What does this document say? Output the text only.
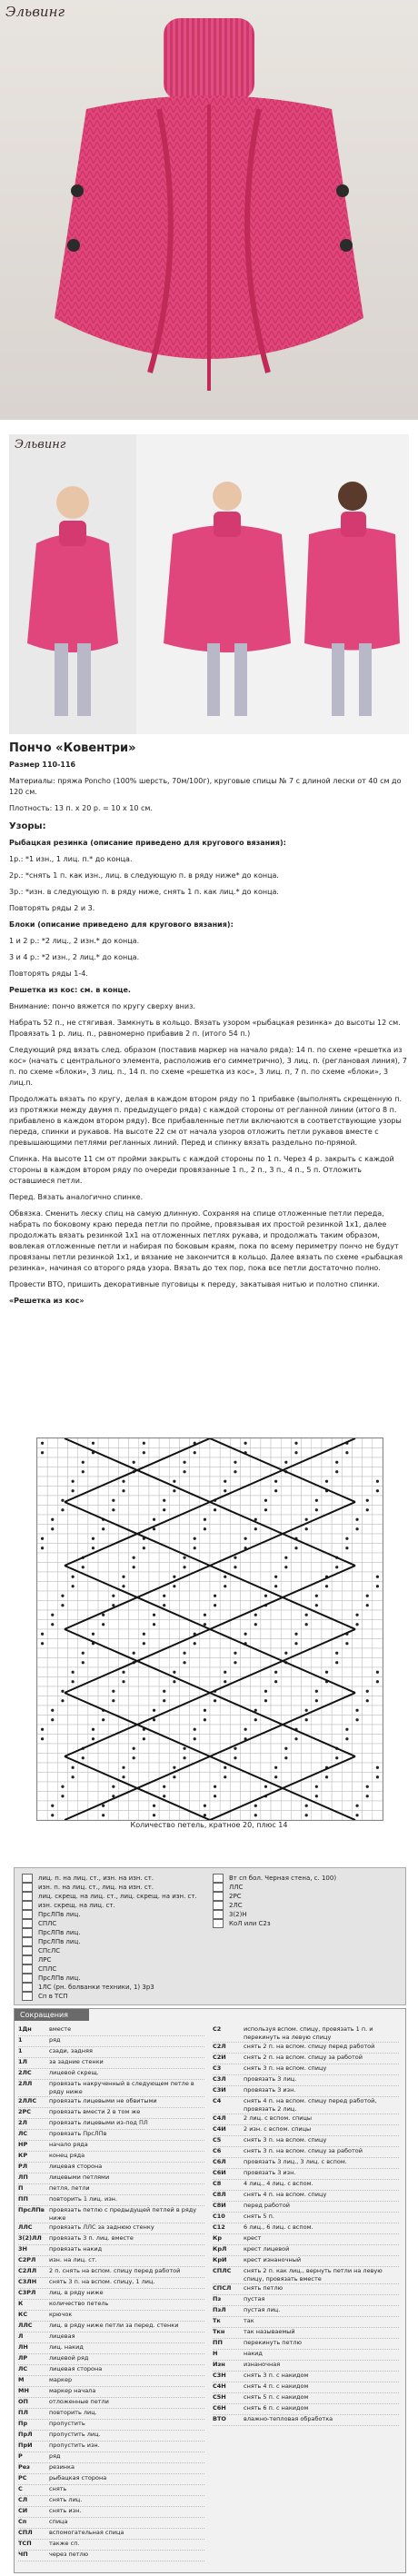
Эльвинг
Эльвинг
Пончо «Ковентри»

Размер 110-116

Материалы: пряжа Poncho (100% шерсть, 70м/100г), круговые спицы № 7 с длиной лески от 40 см до 120 см.

Плотность: 13 п. х 20 р. = 10 х 10 см.

Узоры:

Рыбацкая резинка (описание приведено для кругового вязания):

1р.: *1 изн., 1 лиц. п.* до конца.

2р.: *снять 1 п. как изн., лиц. в следующую п. в ряду ниже* до конца.

3р.: *изн. в следующую п. в ряду ниже, снять 1 п. как лиц.* до конца.

Повторять ряды 2 и 3.

Блоки (описание приведено для кругового вязания):

1 и 2 р.: *2 лиц., 2 изн.* до конца.

3 и 4 р.: *2 изн., 2 лиц.* до конца.

Повторять ряды 1-4.

Решетка из кос: см. в конце.

Внимание: пончо вяжется по кругу сверху вниз.

Набрать 52 п., не стягивая. Замкнуть в кольцо. Вязать узором «рыбацкая резинка» до высоты 12 см. Провязать 1 р. лиц. п., равномерно прибавив 2 п. (итого 54 п.)

Следующий ряд вязать след. образом (поставив маркер на начало ряда): 14 п. по схеме «решетка из кос» (начать с центрального элемента, расположив его симметрично), 3 лиц. п. (реглановая линия), 7 п. по схеме «блоки», 3 лиц. п., 14 п. по схеме «решетка из кос», 3 лиц. п, 7 п. по схеме «блоки», 3 лиц.п.

Продолжать вязать по кругу, делая в каждом втором ряду по 1 прибавке (выполнять скрещенную п. из протяжки между двумя п. предыдущего ряда) с каждой стороны от регланной линии (итого 8 п. прибавлено в каждом втором ряду). Все прибавленные петли включаются в соответствующие узоры переда, спинки и рукавов. На высоте 22 см от начала узоров отложить петли рукавов вместе с превышающими петлями регланных линий. Перед и спинку вязать раздельно по-прямой.

Спинка. На высоте 11 см от пройми закрыть с каждой стороны по 1 п. Через 4 р. закрыть с каждой стороны в каждом втором ряду по очереди провязанные 1 п., 2 п., 3 п., 4 п., 5 п. Отложить оставшиеся петли.

Перед. Вязать аналогично спинке.

Обвязка. Сменить леску спиц на самую длинную. Сохраняя на спице отложенные петли переда, набрать по боковому краю переда петли по пройме, провязывая их простой резинкой 1х1, далее продолжать вязать резинкой 1х1 на отложенных петлях рукава, и продолжать таким образом, вовлекая отложенные петли и набирая по боковым краям, пока по всему периметру пончо не будут провязаны петли резинкой 1х1, и вязание не закончится в кольцо. Далее вязать по схеме «рыбацкая резинка», начиная со второго ряда узора. Вязать до тех пор, пока все петли достаточно полно.

Провести ВТО, пришить декоративные пуговицы к переду, закатывая нитью и полотно спинки.

«Решетка из кос»

Количество петель, кратное 20, плюс 14
лиц. п. на лиц. ст., изн. на изн. ст.
изн. п. на лиц. ст., лиц. на изн. ст.
лиц. скрещ. на лиц. ст., лиц. скрещ. на изн. ст.
изн. скрещ. на лиц. ст.
ПрсЛПв лиц.
СПЛС
ПрсЛПв лиц.
ПрсЛПв лиц.
СПсЛС
ЛРС
СПЛС
ПрсЛПв лиц.
1ЛС (рн. болванки техники, 1) 3р3
Сп в ТСП
Вт сп бол. Черная стена, с. 100)
ЛЛС
2РС
2ЛС
3(2)Н
КоЛ или С2з
Сокращения
1Дн	вместе
1	ряд
1	сзади, задняя
1Л	за задние стенки
2ЛС	лицевой скрещ.
2ЛЛ	провязать накрученный в следующем петле в ряду ниже
2ЛЛС	провязать лицевыми не обвитыми
2РС	провязать вмести 2 в том же
2Л	провязать лицевыми из-под ПЛ
ЛС	провязать ПрсЛПв
НР	начало ряда
КР	конец ряда
РЛ	лицевая сторона
ЛП	лицевыми петлями
П	петля, петли
ПП	повторить 1 лиц. изн.
ПрсЛПв провязать петлю с предыдущей петлей в ряду ниже
ЛЛС	провязать ЛЛС за заднюю стенку
3(2)ЛЛ	провязать 3 п. лиц. вместе
3Н	провязать накид
С2РЛ	изн. на лиц. ст.
С2ЛЛ	2 п. снять на вспом. спицу перед работой
С3ЛН	снять 3 п. на вспом. спицу, 1 лиц.
С3РЛ	лиц. в ряду ниже
К	количество петель
КС	крючок
ЛЛС	лиц. в ряду ниже петли за перед. стенки
Л	лицевая
ЛН	лиц. накид
ЛР	лицевой ряд
ЛС	лицевая сторона
М	маркер
МН	маркер начала
ОП	отложенные петли
ПЛ	повторить лиц.
Пр	пропустить
ПрЛ	пропустить лиц.
ПрИ	пропустить изн.
Р	ряд
Рез	резинка
РС	рыбацкая сторона
С	снять
СЛ	снять лиц.
СИ	снять изн.
Сп	спица
СПЛ	вспомогательная спица
ТСП	также сп.
ЧП	через петлю
С2	используя вспом. спицу, провязать 1 п. и перекинуть на левую спицу
С2Л	снять 2 п. на вспом. спицу перед работой
С2И	снять 2 п. на вспом. спицу за работой
С3	снять 3 п. на вспом. спицу
С3Л	провязать 3 лиц.
С3И	провязать 3 изн.
С4	снять 4 п. на вспом. спицу перед работой, провязать 2 лиц.
С4Л	2 лиц. с вспом. спицы
С4И	2 изн. с вспом. спицы
С5	снять 3 п. на вспом. спицу
С6	снять 3 п. на вспом. спицу за работой
С6Л	провязать 3 лиц., 3 лиц. с вспом.
С6И	провязать 3 изн.
С8	4 лиц., 4 лиц. с вспом.
С8Л	снять 4 п. на вспом. спицу
С8И	перед работой
С10	снять 5 п.
С12	6 лиц., 6 лиц. с вспом.
Кр	крест
КрЛ	крест лицевой
КрИ	крест изнаночный
СПЛС	снять 2 п. как лиц., вернуть петли на левую спицу, провязать вместе
СПСЛ	снять петлю
Пз	пустая
ПзЛ	пустая лиц.
Тк	так
Ткн	так называемый
ПП	перекинуть петлю
Н	накид
Изн	изнаночная
С3Н	снять 3 п. с накидом
С4Н	снять 4 п. с накидом
С5Н	снять 5 п. с накидом
С6Н	снять 6 п. с накидом
ВТО	влажно-тепловая обработка
